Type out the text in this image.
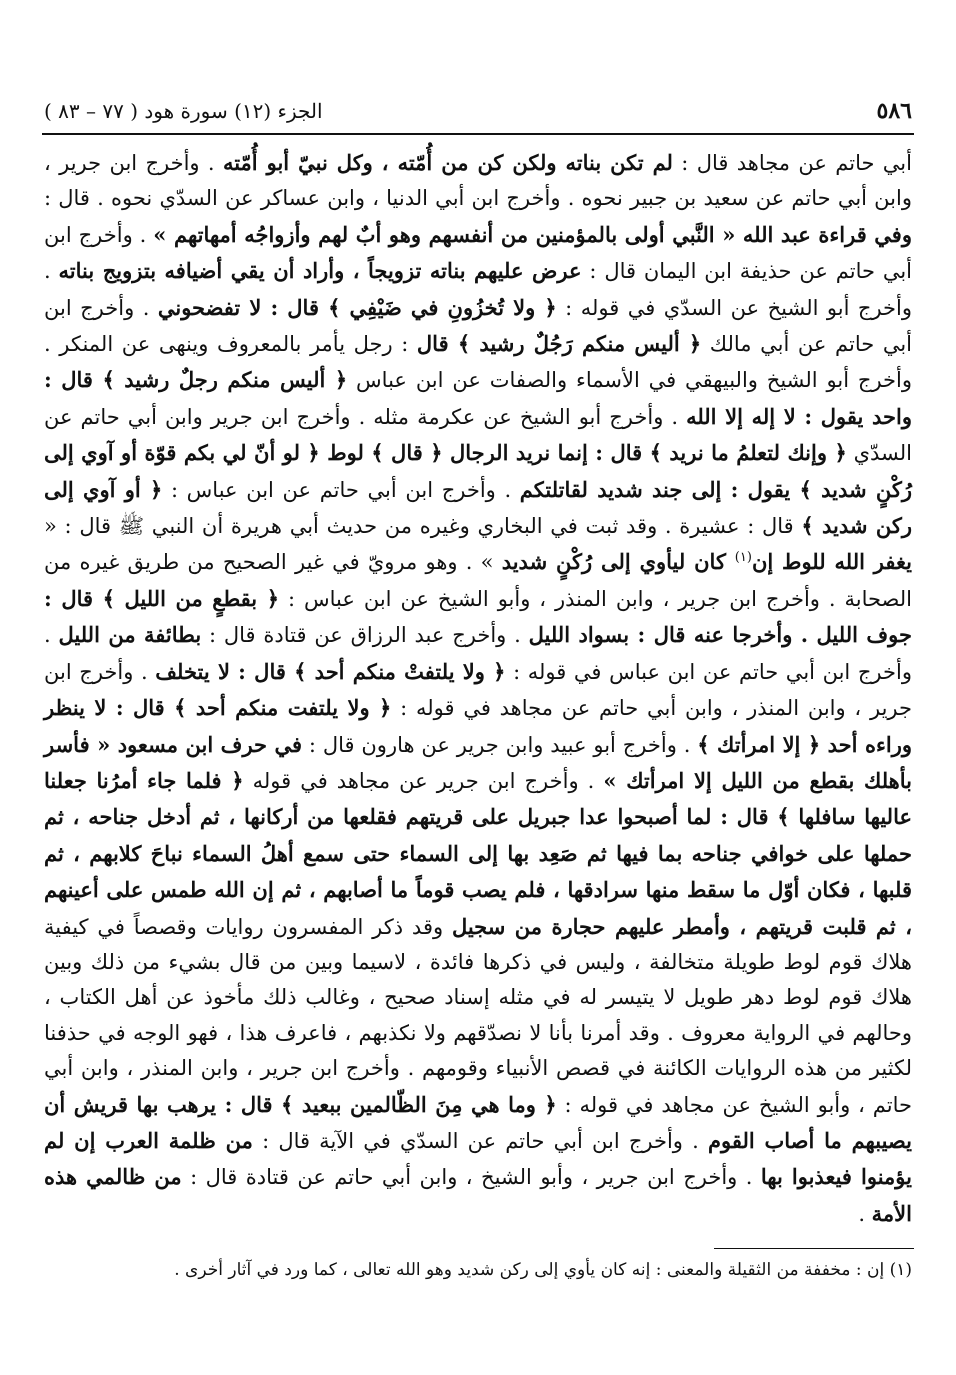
٥٨٦
الجزء (١٢) سورة هود ( ٧٧ – ٨٣ )

أبي حاتم عن مجاهد قال : لم تكن بناته ولكن كن من أُمّته ، وكل نبيّ أبو أُمّته . وأخرج ابن جرير ، وابن أبي حاتم عن سعيد بن جبير نحوه . وأخرج ابن أبي الدنيا ، وابن عساكر عن السدّي نحوه . قال : وفي قراءة عبد الله « النَّبي أولى بالمؤمنين من أنفسهم وهو أبٌ لهم وأزواجُه أمهاتهم » . وأخرج ابن أبي حاتم عن حذيفة ابن اليمان قال : عرض عليهم بناته تزويجاً ، وأراد أن يقي أضيافه بتزويج بناته . وأخرج أبو الشيخ عن السدّي في قوله : ﴿ ولا تُخزُونِ في ضَيْفِي ﴾ قال : لا تفضحوني . وأخرج ابن أبي حاتم عن أبي مالك ﴿ أليس منكم رَجُلٌ رشيد ﴾ قال : رجل يأمر بالمعروف وينهى عن المنكر . وأخرج أبو الشيخ والبيهقي في الأسماء والصفات عن ابن عباس ﴿ أليس منكم رجلٌ رشيد ﴾ قال : واحد يقول : لا إله إلا الله . وأخرج أبو الشيخ عن عكرمة مثله . وأخرج ابن جرير وابن أبي حاتم عن السدّي ﴿ وإنك لتعلمُ ما نريد ﴾ قال : إنما نريد الرجال ﴿ قال ﴾ لوط ﴿ لو أنّ لي بكم قوّة أو آوي إلى رُكْنٍ شديد ﴾ يقول : إلى جند شديد لقاتلتكم . وأخرج ابن أبي حاتم عن ابن عباس : ﴿ أو آوي إلى ركن شديد ﴾ قال : عشيرة . وقد ثبت في البخاري وغيره من حديث أبي هريرة أن النبي ﷺ قال : « يغفر الله للوط إن$^{(١)}$ كان ليأوي إلى رُكْنٍ شديد » . وهو مرويّ في غير الصحيح من طريق غيره من الصحابة . وأخرج ابن جرير ، وابن المنذر ، وأبو الشيخ عن ابن عباس : ﴿ بقطعٍ من الليل ﴾ قال : جوف الليل . وأخرجا عنه قال : بسواد الليل . وأخرج عبد الرزاق عن قتادة قال : بطائفة من الليل . وأخرج ابن أبي حاتم عن ابن عباس في قوله : ﴿ ولا يلتفتْ منكم أحد ﴾ قال : لا يتخلف . وأخرج ابن جرير ، وابن المنذر ، وابن أبي حاتم عن مجاهد في قوله : ﴿ ولا يلتفت منكم أحد ﴾ قال : لا ينظر وراءه أحد ﴿ إلا امرأتك ﴾ . وأخرج أبو عبيد وابن جرير عن هارون قال : في حرف ابن مسعود « فأسر بأهلك بقطع من الليل إلا امرأتك » . وأخرج ابن جرير عن مجاهد في قوله ﴿ فلما جاء أمرُنا جعلنا عاليها سافلها ﴾ قال : لما أصبحوا عدا جبريل على قريتهم فقلعها من أركانها ، ثم أدخل جناحه ، ثم حملها على خوافي جناحه بما فيها ثم صَعِد بها إلى السماء حتى سمع أهلُ السماء نباحَ كلابهم ، ثم قلبها ، فكان أوّل ما سقط منها سرادقها ، فلم يصب قوماً ما أصابهم ، ثم إن الله طمس على أعينهم ، ثم قلبت قريتهم ، وأمطر عليهم حجارة من سجيل وقد ذكر المفسرون روايات وقصصاً في كيفية هلاك قوم لوط طويلة متخالفة ، وليس في ذكرها فائدة ، لاسيما وبين من قال بشيء من ذلك وبين هلاك قوم لوط دهر طويل لا يتيسر له في مثله إسناد صحيح ، وغالب ذلك مأخوذ عن أهل الكتاب ، وحالهم في الرواية معروف . وقد أمرنا بأنا لا نصدّقهم ولا نكذبهم ، فاعرف هذا ، فهو الوجه في حذفنا لكثير من هذه الروايات الكائنة في قصص الأنبياء وقومهم . وأخرج ابن جرير ، وابن المنذر ، وابن أبي حاتم ، وأبو الشيخ عن مجاهد في قوله : ﴿ وما هي مِنَ الظّالمين ببعيد ﴾ قال : يرهب بها قريش أن يصيبهم ما أصاب القوم . وأخرج ابن أبي حاتم عن السدّي في الآية قال : من ظلمة العرب إن لم يؤمنوا فيعذبوا بها . وأخرج ابن جرير ، وأبو الشيخ ، وابن أبي حاتم عن قتادة قال : من ظالمي هذه الأمة .

(١) إن : مخففة من الثقيلة والمعنى : إنه كان يأوي إلى ركن شديد وهو الله تعالى ، كما ورد في آثار أخرى .
